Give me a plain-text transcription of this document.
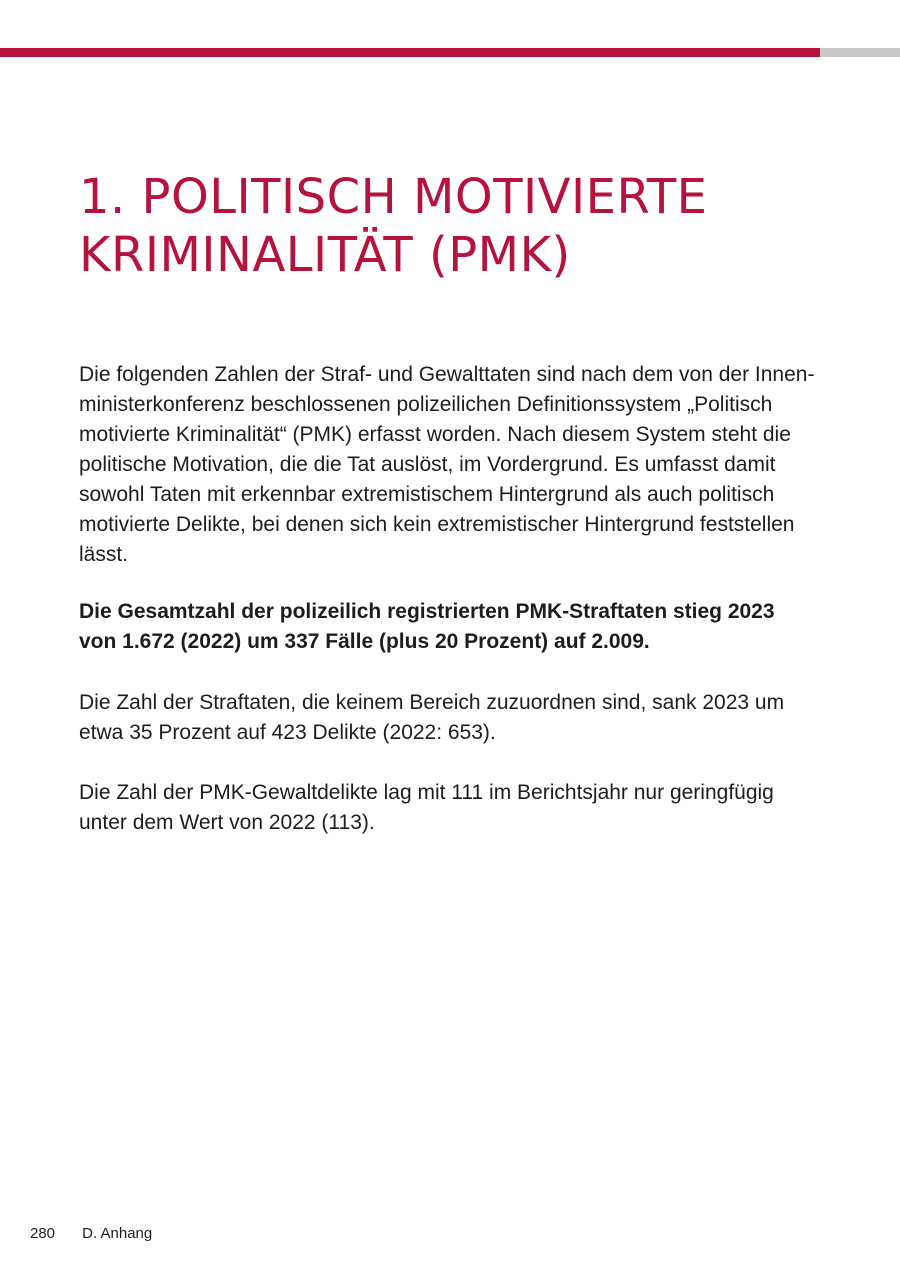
1. POLITISCH MOTIVIERTE
KRIMINALITÄT (PMK)

Die folgenden Zahlen der Straf- und Gewalttaten sind nach dem von der Innen-
ministerkonferenz beschlossenen polizeilichen Definitionssystem „Politisch
motivierte Kriminalität“ (PMK) erfasst worden. Nach diesem System steht die
politische Motivation, die die Tat auslöst, im Vordergrund. Es umfasst damit
sowohl Taten mit erkennbar extremistischem Hintergrund als auch politisch
motivierte Delikte, bei denen sich kein extremistischer Hintergrund feststellen
lässt.

Die Gesamtzahl der polizeilich registrierten PMK-Straftaten stieg 2023
von 1.672 (2022) um 337 Fälle (plus 20 Prozent) auf 2.009.

Die Zahl der Straftaten, die keinem Bereich zuzuordnen sind, sank 2023 um
etwa 35 Prozent auf 423 Delikte (2022: 653).

Die Zahl der PMK-Gewaltdelikte lag mit 111 im Berichtsjahr nur geringfügig
unter dem Wert von 2022 (113).

280 D. Anhang
